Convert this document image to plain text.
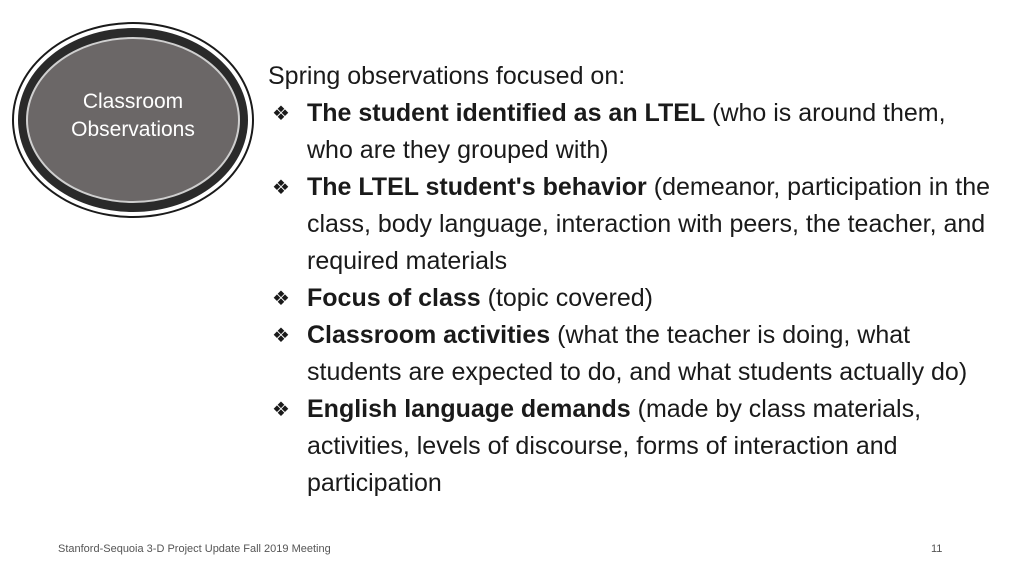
Classroom
Observations

Spring observations focused on:

❖ The student identified as an LTEL (who is around them, who are they grouped with)
❖ The LTEL student's behavior (demeanor, participation in the class, body language, interaction with peers, the teacher, and required materials
❖ Focus of class (topic covered)
❖ Classroom activities (what the teacher is doing, what students are expected to do, and what students actually do)
❖ English language demands (made by class materials, activities, levels of discourse, forms of interaction and participation
Stanford-Sequoia 3-D Project Update Fall 2019 Meeting	11
